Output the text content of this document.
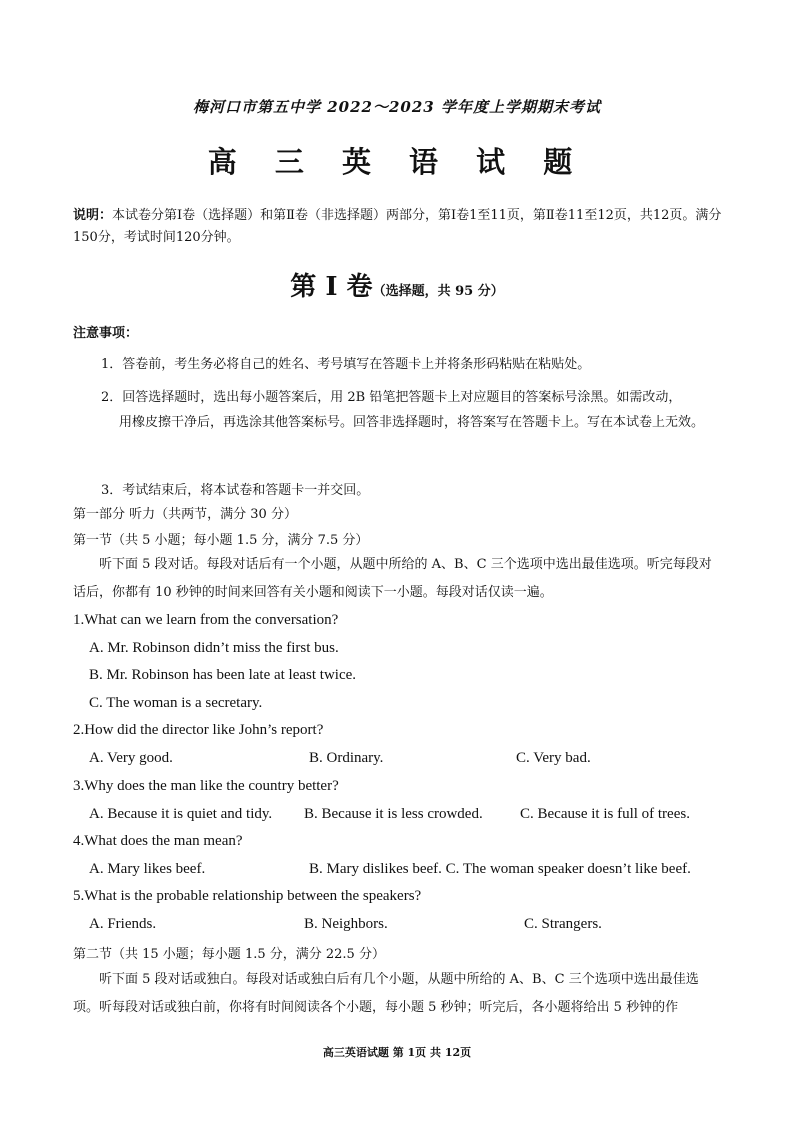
梅河口市第五中学 2022～2023 学年度上学期期末考试
高 三 英 语 试 题
说明：本试卷分第Ⅰ卷（选择题）和第Ⅱ卷（非选择题）两部分，第Ⅰ卷1至11页，第Ⅱ卷11至12页，共12页。满分150分，考试时间120分钟。
第 I 卷（选择题，共 95 分）
注意事项：
1．答卷前，考生务必将自己的姓名、考号填写在答题卡上并将条形码粘贴在粘贴处。
2．回答选择题时，选出每小题答案后，用 2B 铅笔把答题卡上对应题目的答案标号涂黑。如需改动，
用橡皮擦干净后，再选涂其他答案标号。回答非选择题时，将答案写在答题卡上。写在本试卷上无效。
3．考试结束后，将本试卷和答题卡一并交回。
第一部分 听力（共两节，满分 30 分）
第一节（共 5 小题；每小题 1.5 分，满分 7.5 分）
听下面 5 段对话。每段对话后有一个小题，从题中所给的 A、B、C 三个选项中选出最佳选项。听完每段对话后，你都有 10 秒钟的时间来回答有关小题和阅读下一小题。每段对话仅读一遍。
1.What can we learn from the conversation?
A. Mr. Robinson didn’t miss the first bus.
B. Mr. Robinson has been late at least twice.
C. The woman is a secretary.
2.How did the director like John’s report?
A. Very good.	B. Ordinary.	C. Very bad.
3.Why does the man like the country better?
A. Because it is quiet and tidy. B. Because it is less crowded. C. Because it is full of trees.
4.What does the man mean?
A. Mary likes beef.	B. Mary dislikes beef. C. The woman speaker doesn’t like beef.
5.What is the probable relationship between the speakers?
A. Friends.	B. Neighbors.	C. Strangers.
第二节（共 15 小题；每小题 1.5 分，满分 22.5 分）
听下面 5 段对话或独白。每段对话或独白后有几个小题，从题中所给的 A、B、C 三个选项中选出最佳选项。听每段对话或独白前，你将有时间阅读各个小题，每小题 5 秒钟；听完后，各小题将给出 5 秒钟的作
高三英语试题 第 1页 共 12页
